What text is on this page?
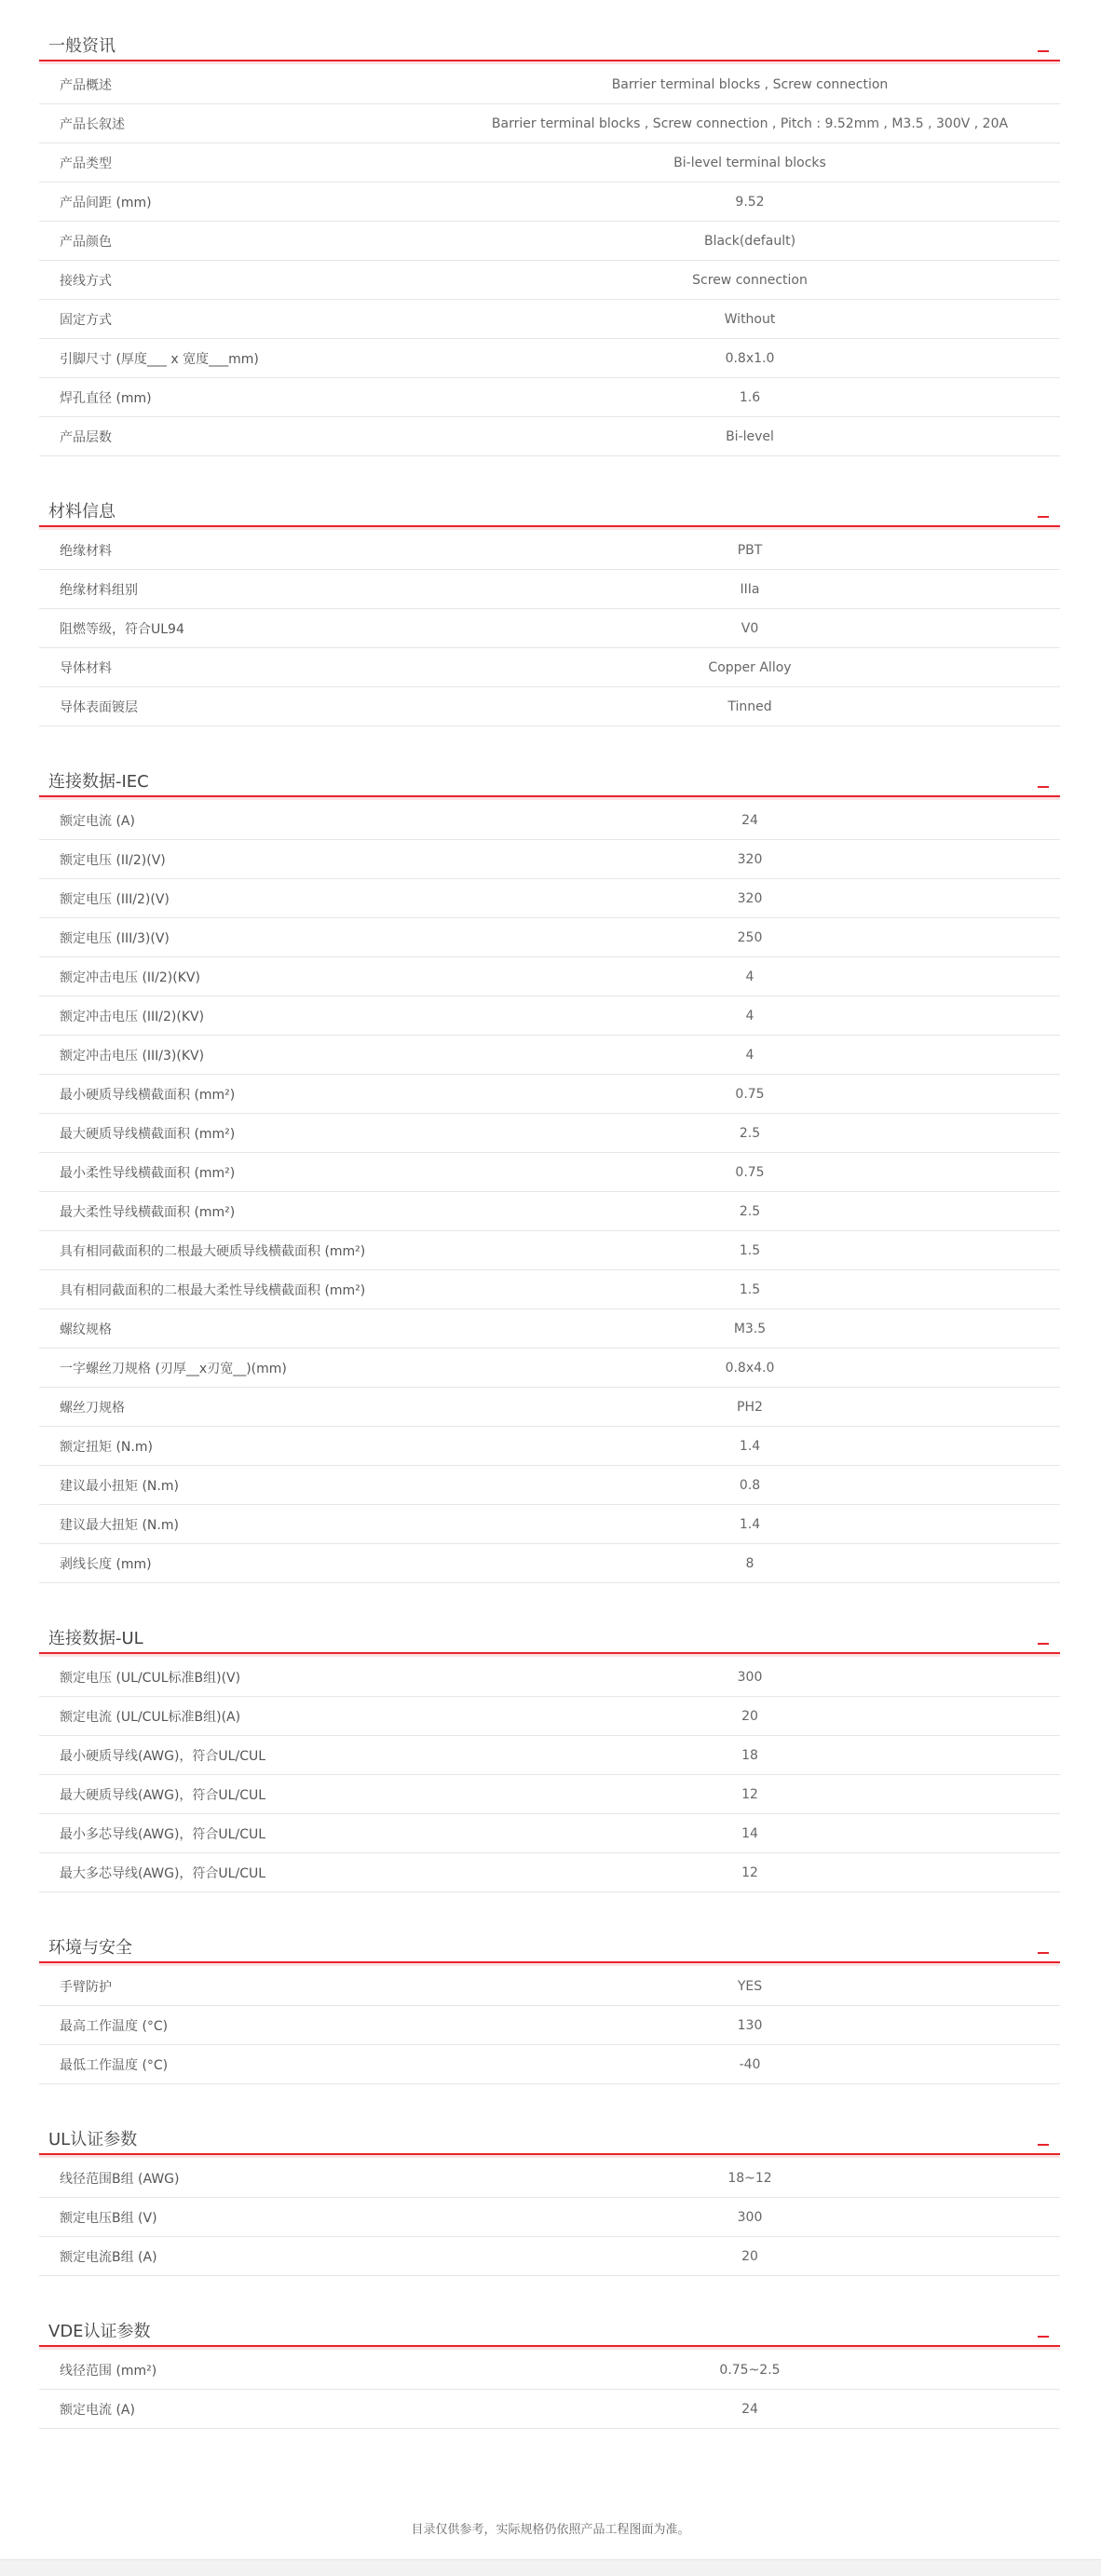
一般资讯
产品概述	Barrier terminal blocks , Screw connection
产品长叙述	Barrier terminal blocks , Screw connection , Pitch : 9.52mm , M3.5 , 300V , 20A
产品类型	Bi-level terminal blocks
产品间距 (mm)	9.52
产品颜色	Black(default)
接线方式	Screw connection
固定方式	Without
引脚尺寸 (厚度___ x 宽度___mm)	0.8x1.0
焊孔直径 (mm)	1.6
产品层数	Bi-level
材料信息
绝缘材料	PBT
绝缘材料组别	IIIa
阻燃等级，符合UL94	V0
导体材料	Copper Alloy
导体表面镀层	Tinned
连接数据-IEC
额定电流 (A)	24
额定电压 (II/2)(V)	320
额定电压 (III/2)(V)	320
额定电压 (III/3)(V)	250
额定冲击电压 (II/2)(KV)	4
额定冲击电压 (III/2)(KV)	4
额定冲击电压 (III/3)(KV)	4
最小硬质导线横截面积 (mm²)	0.75
最大硬质导线横截面积 (mm²)	2.5
最小柔性导线横截面积 (mm²)	0.75
最大柔性导线横截面积 (mm²)	2.5
具有相同截面积的二根最大硬质导线横截面积 (mm²)	1.5
具有相同截面积的二根最大柔性导线横截面积 (mm²)	1.5
螺纹规格	M3.5
一字螺丝刀规格 (刃厚__x刃宽__)(mm)	0.8x4.0
螺丝刀规格	PH2
额定扭矩 (N.m)	1.4
建议最小扭矩 (N.m)	0.8
建议最大扭矩 (N.m)	1.4
剥线长度 (mm)	8
连接数据-UL
额定电压 (UL/CUL标准B组)(V)	300
额定电流 (UL/CUL标准B组)(A)	20
最小硬质导线(AWG)，符合UL/CUL	18
最大硬质导线(AWG)，符合UL/CUL	12
最小多芯导线(AWG)，符合UL/CUL	14
最大多芯导线(AWG)，符合UL/CUL	12
环境与安全
手臂防护	YES
最高工作温度 (°C)	130
最低工作温度 (°C)	-40
UL认证参数
线径范围B组 (AWG)	18~12
额定电压B组 (V)	300
额定电流B组 (A)	20
VDE认证参数
线径范围 (mm²)	0.75~2.5
额定电流 (A)	24
目录仅供参考，实际规格仍依照产品工程图面为准。
